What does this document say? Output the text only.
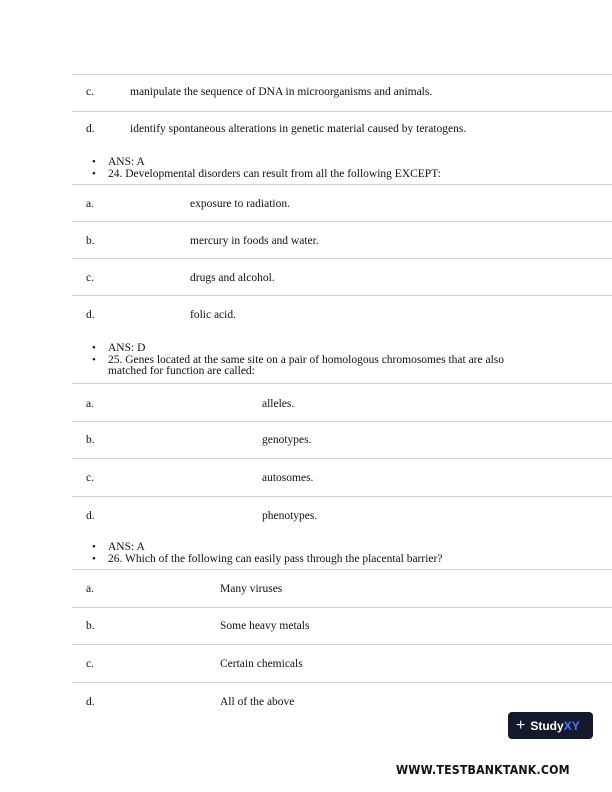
c.	manipulate the sequence of DNA in microorganisms and animals.
d.	identify spontaneous alterations in genetic material caused by teratogens.
• ANS: A
• 24. Developmental disorders can result from all the following EXCEPT:
a.	exposure to radiation.
b.	mercury in foods and water.
c.	drugs and alcohol.
d.	folic acid.
• ANS: D
• 25. Genes located at the same site on a pair of homologous chromosomes that are also matched for function are called:
a.	alleles.
b.	genotypes.
c.	autosomes.
d.	phenotypes.
• ANS: A
• 26. Which of the following can easily pass through the placental barrier?
a.	Many viruses
b.	Some heavy metals
c.	Certain chemicals
d.	All of the above
+ StudyXY
WWW.TESTBANKTANK.COM
